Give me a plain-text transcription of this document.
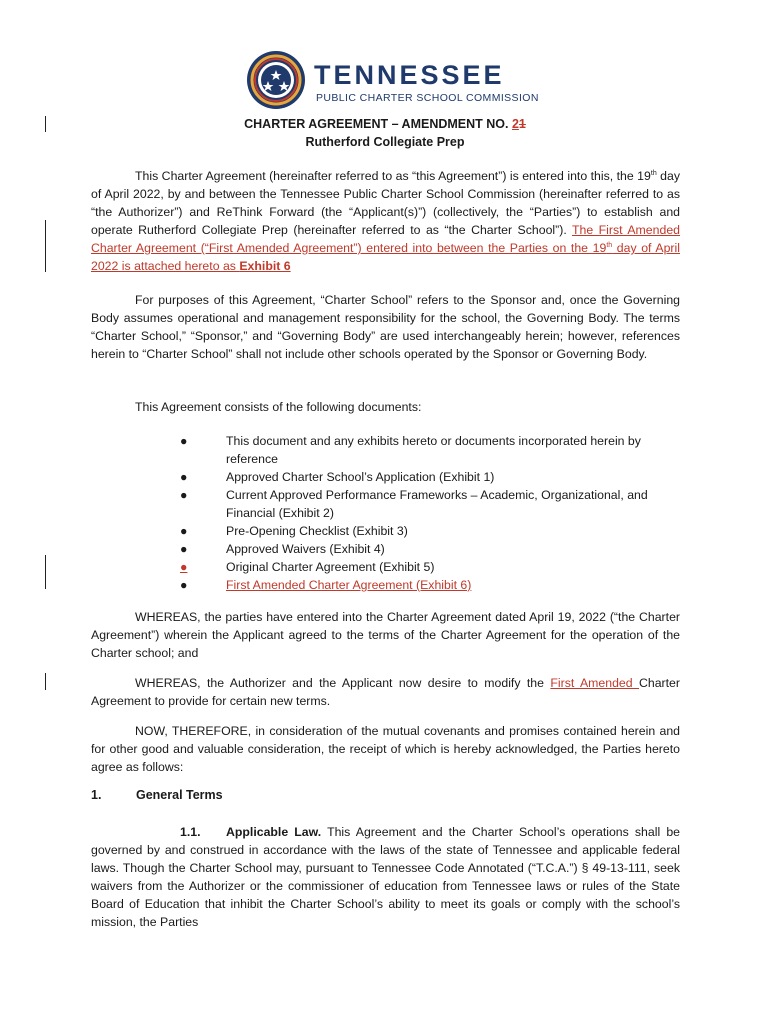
TENNESSEE
PUBLIC CHARTER SCHOOL COMMISSION
CHARTER AGREEMENT – AMENDMENT NO. 21
Rutherford Collegiate Prep
This Charter Agreement (hereinafter referred to as “this Agreement”) is entered into this, the 19th day of April 2022, by and between the Tennessee Public Charter School Commission (hereinafter referred to as “the Authorizer”) and ReThink Forward (the “Applicant(s)”) (collectively, the “Parties”) to establish and operate Rutherford Collegiate Prep (hereinafter referred to as “the Charter School”). The First Amended Charter Agreement (“First Amended Agreement”) entered into between the Parties on the 19th day of April 2022 is attached hereto as Exhibit 6
For purposes of this Agreement, “Charter School” refers to the Sponsor and, once the Governing Body assumes operational and management responsibility for the school, the Governing Body. The terms “Charter School,” “Sponsor,” and “Governing Body” are used interchangeably herein; however, references herein to “Charter School” shall not include other schools operated by the Sponsor or Governing Body.
This Agreement consists of the following documents:
●	This document and any exhibits hereto or documents incorporated herein by reference
●	Approved Charter School’s Application (Exhibit 1)
●	Current Approved Performance Frameworks – Academic, Organizational, and Financial (Exhibit 2)
●	Pre-Opening Checklist (Exhibit 3)
●	Approved Waivers (Exhibit 4)
●	Original Charter Agreement (Exhibit 5)
●	First Amended Charter Agreement (Exhibit 6)
WHEREAS, the parties have entered into the Charter Agreement dated April 19, 2022 (“the Charter Agreement”) wherein the Applicant agreed to the terms of the Charter Agreement for the operation of the Charter school; and
WHEREAS, the Authorizer and the Applicant now desire to modify the First Amended Charter Agreement to provide for certain new terms.
NOW, THEREFORE, in consideration of the mutual covenants and promises contained herein and for other good and valuable consideration, the receipt of which is hereby acknowledged, the Parties hereto agree as follows:
1.	General Terms
1.1. Applicable Law. This Agreement and the Charter School’s operations shall be governed by and construed in accordance with the laws of the state of Tennessee and applicable federal laws. Though the Charter School may, pursuant to Tennessee Code Annotated (“T.C.A.”) § 49-13-111, seek waivers from the Authorizer or the commissioner of education from Tennessee laws or rules of the State Board of Education that inhibit the Charter School’s ability to meet its goals or comply with the school’s mission, the Parties
